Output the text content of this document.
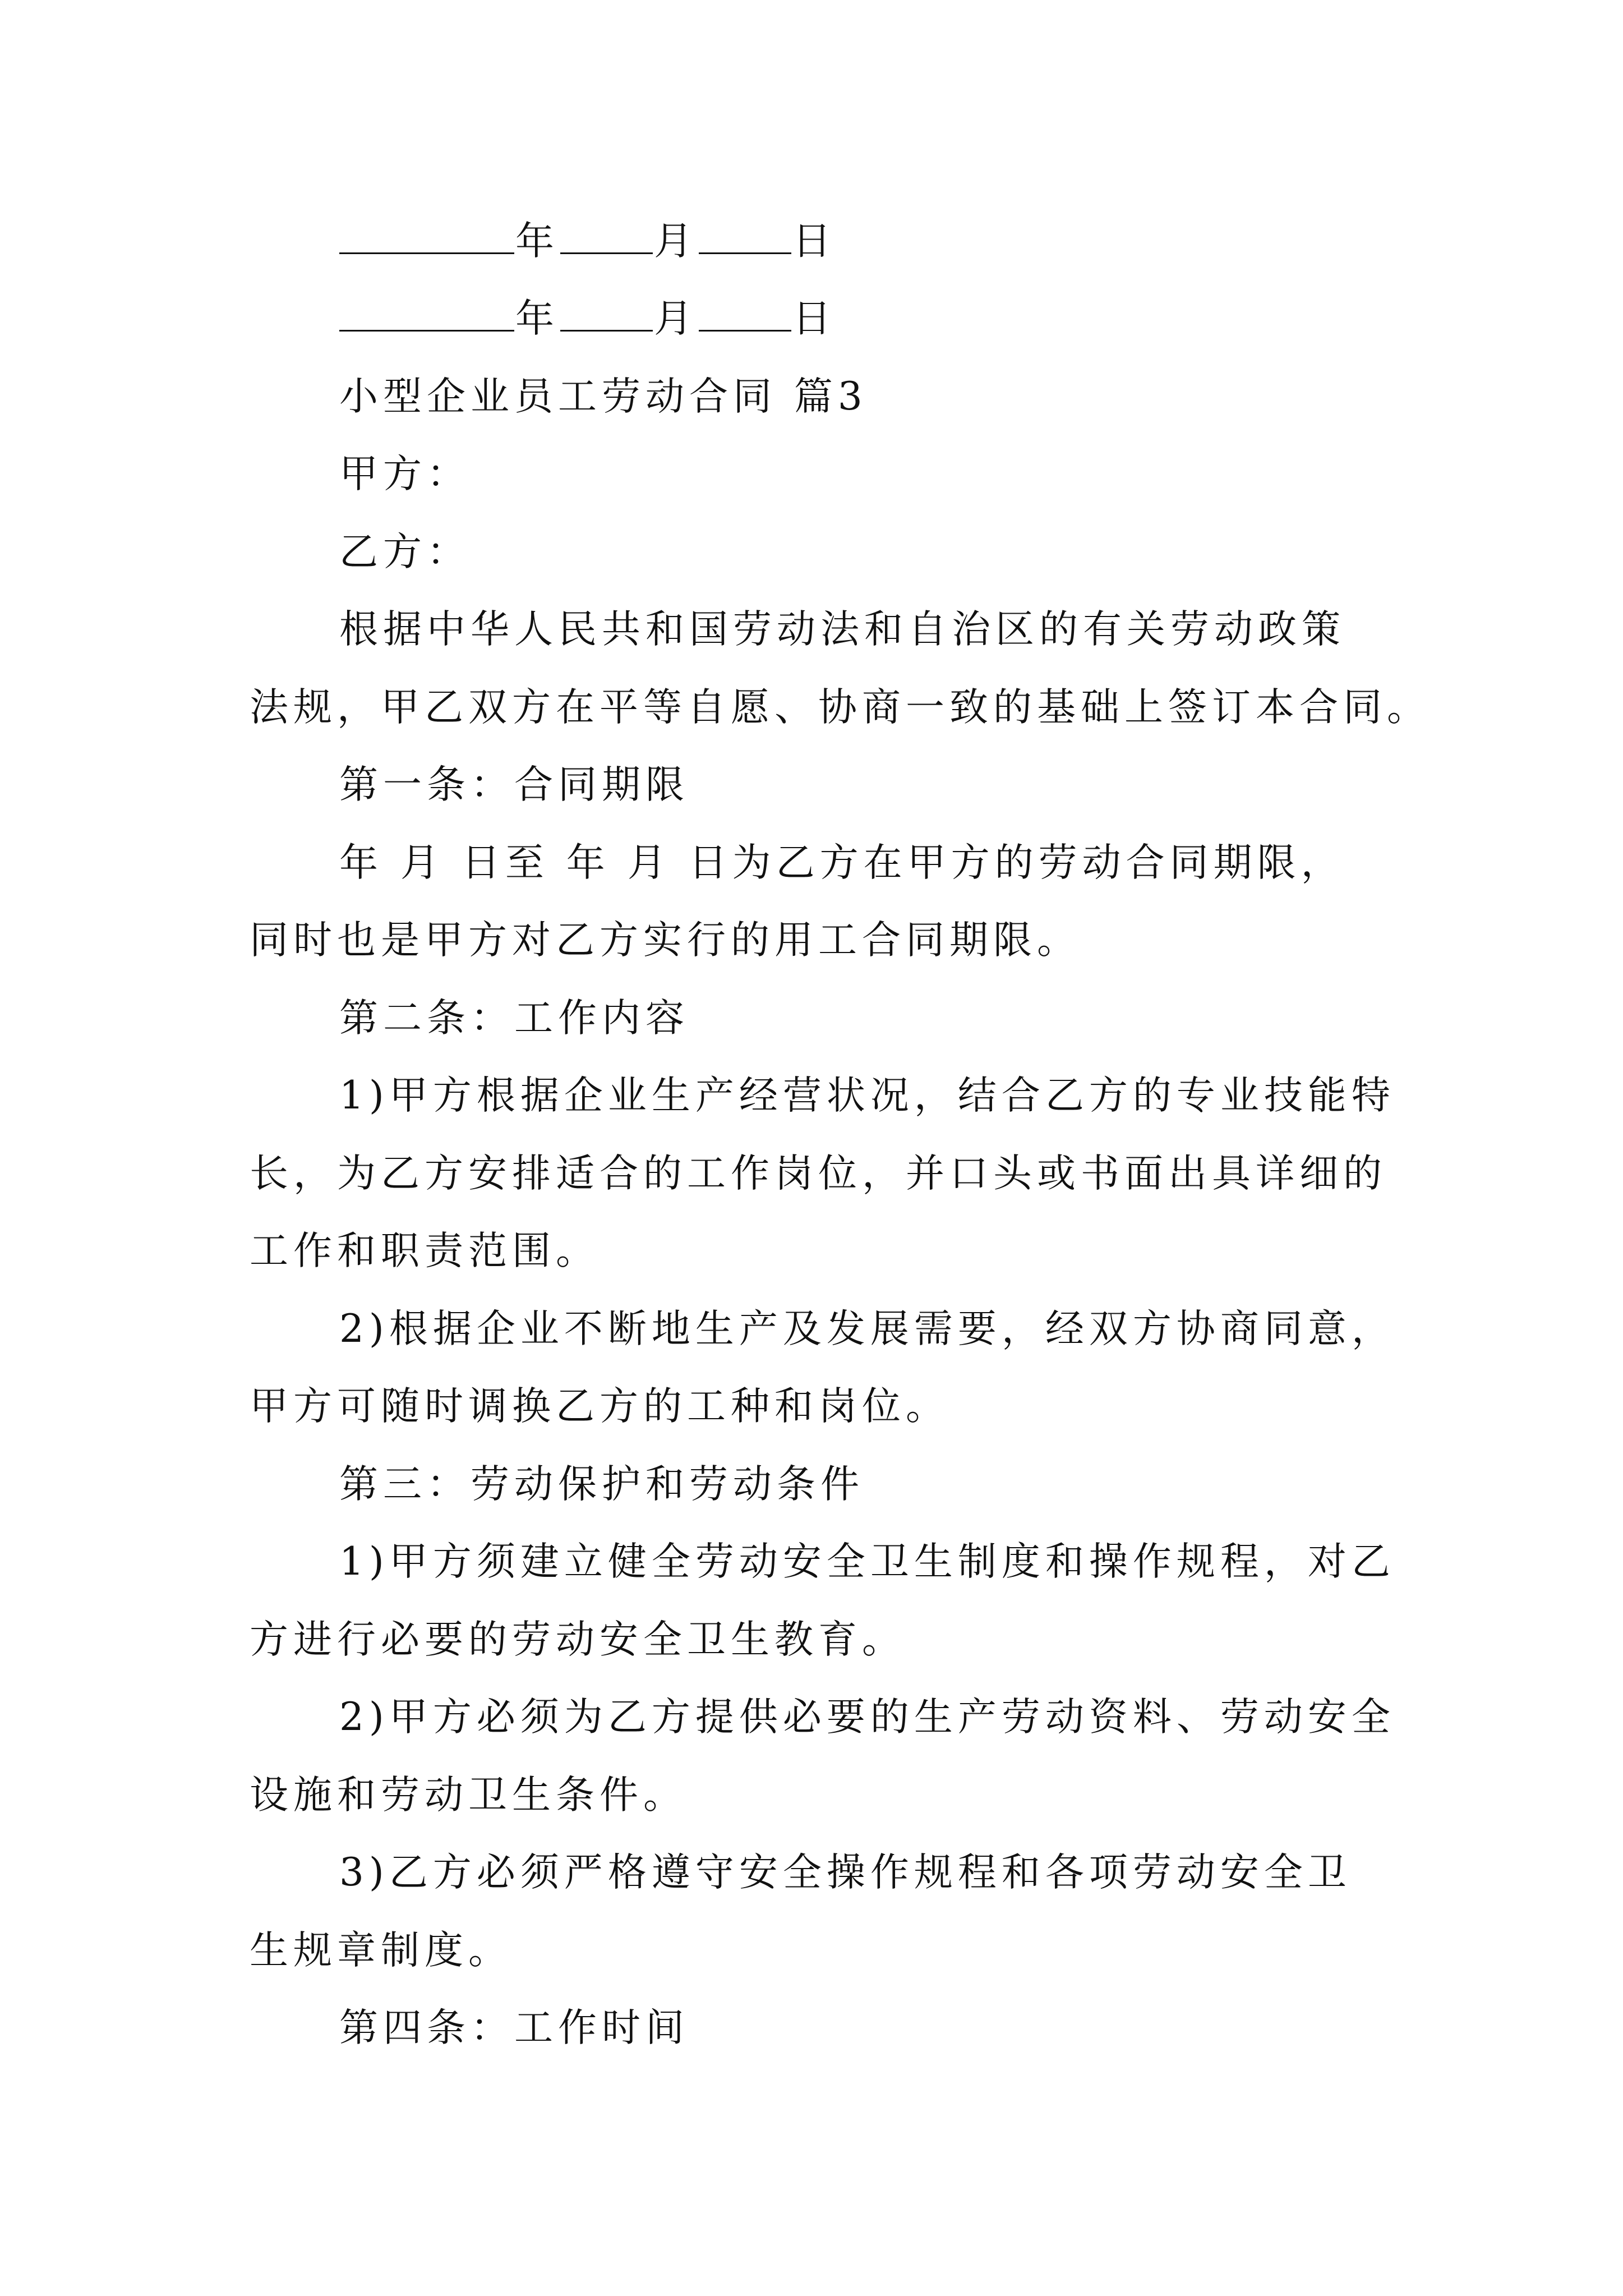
年 月 日
年 月 日
小型企业员工劳动合同 篇3
甲方：
乙方：
根据中华人民共和国劳动法和自治区的有关劳动政策
法规，甲乙双方在平等自愿、协商一致的基础上签订本合同。
第一条：合同期限
年 月 日至 年 月 日为乙方在甲方的劳动合同期限，
同时也是甲方对乙方实行的用工合同期限。
第二条：工作内容
1)甲方根据企业生产经营状况，结合乙方的专业技能特
长，为乙方安排适合的工作岗位，并口头或书面出具详细的
工作和职责范围。
2)根据企业不断地生产及发展需要，经双方协商同意，
甲方可随时调换乙方的工种和岗位。
第三：劳动保护和劳动条件
1)甲方须建立健全劳动安全卫生制度和操作规程，对乙
方进行必要的劳动安全卫生教育。
2)甲方必须为乙方提供必要的生产劳动资料、劳动安全
设施和劳动卫生条件。
3)乙方必须严格遵守安全操作规程和各项劳动安全卫
生规章制度。
第四条：工作时间
